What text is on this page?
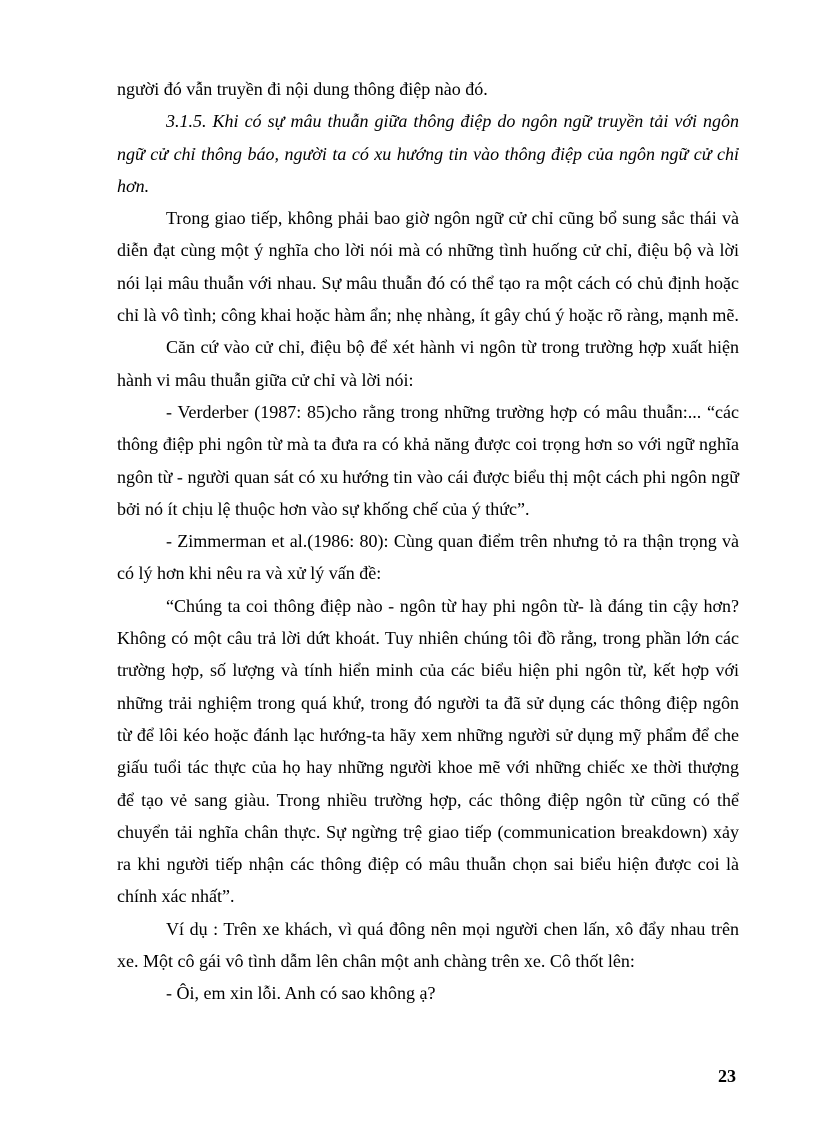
người đó vẫn truyền đi nội dung thông điệp nào đó.

3.1.5. Khi có sự mâu thuẫn giữa thông điệp do ngôn ngữ truyền tải với ngôn ngữ cử chỉ thông báo, người ta có xu hướng tin vào thông điệp của ngôn ngữ cử chỉ hơn.

Trong giao tiếp, không phải bao giờ ngôn ngữ cử chỉ cũng bổ sung sắc thái và diễn đạt cùng một ý nghĩa cho lời nói mà có những tình huống cử chỉ, điệu bộ và lời nói lại mâu thuẫn với nhau. Sự mâu thuẫn đó có thể tạo ra một cách có chủ định hoặc chỉ là vô tình; công khai hoặc hàm ẩn; nhẹ nhàng, ít gây chú ý hoặc rõ ràng, mạnh mẽ.

Căn cứ vào cử chỉ, điệu bộ để xét hành vi ngôn từ trong trường hợp xuất hiện hành vi mâu thuẫn giữa cử chỉ và lời nói:

- Verderber (1987: 85)cho rằng trong những trường hợp có mâu thuẫn:... “các thông điệp phi ngôn từ mà ta đưa ra có khả năng được coi trọng hơn so với ngữ nghĩa ngôn từ - người quan sát có xu hướng tin vào cái được biểu thị một cách phi ngôn ngữ bởi nó ít chịu lệ thuộc hơn vào sự khống chế của ý thức”.

- Zimmerman et al.(1986: 80): Cùng quan điểm trên nhưng tỏ ra thận trọng và có lý hơn khi nêu ra và xử lý vấn đề:

“Chúng ta coi thông điệp nào - ngôn từ hay phi ngôn từ- là đáng tin cậy hơn? Không có một câu trả lời dứt khoát. Tuy nhiên chúng tôi đồ rằng, trong phần lớn các trường hợp, số lượng và tính hiển minh của các biểu hiện phi ngôn từ, kết hợp với những trải nghiệm trong quá khứ, trong đó người ta đã sử dụng các thông điệp ngôn từ để lôi kéo hoặc đánh lạc hướng-ta hãy xem những người sử dụng mỹ phẩm để che giấu tuổi tác thực của họ hay những người khoe mẽ với những chiếc xe thời thượng để tạo vẻ sang giàu. Trong nhiều trường hợp, các thông điệp ngôn từ cũng có thể chuyển tải nghĩa chân thực. Sự ngừng trệ giao tiếp (communication breakdown) xảy ra khi người tiếp nhận các thông điệp có mâu thuẫn chọn sai biểu hiện được coi là chính xác nhất”.

Ví dụ : Trên xe khách, vì quá đông nên mọi người chen lấn, xô đẩy nhau trên xe. Một cô gái vô tình dẫm lên chân một anh chàng trên xe. Cô thốt lên:

- Ôi, em xin lỗi. Anh có sao không ạ?

23
